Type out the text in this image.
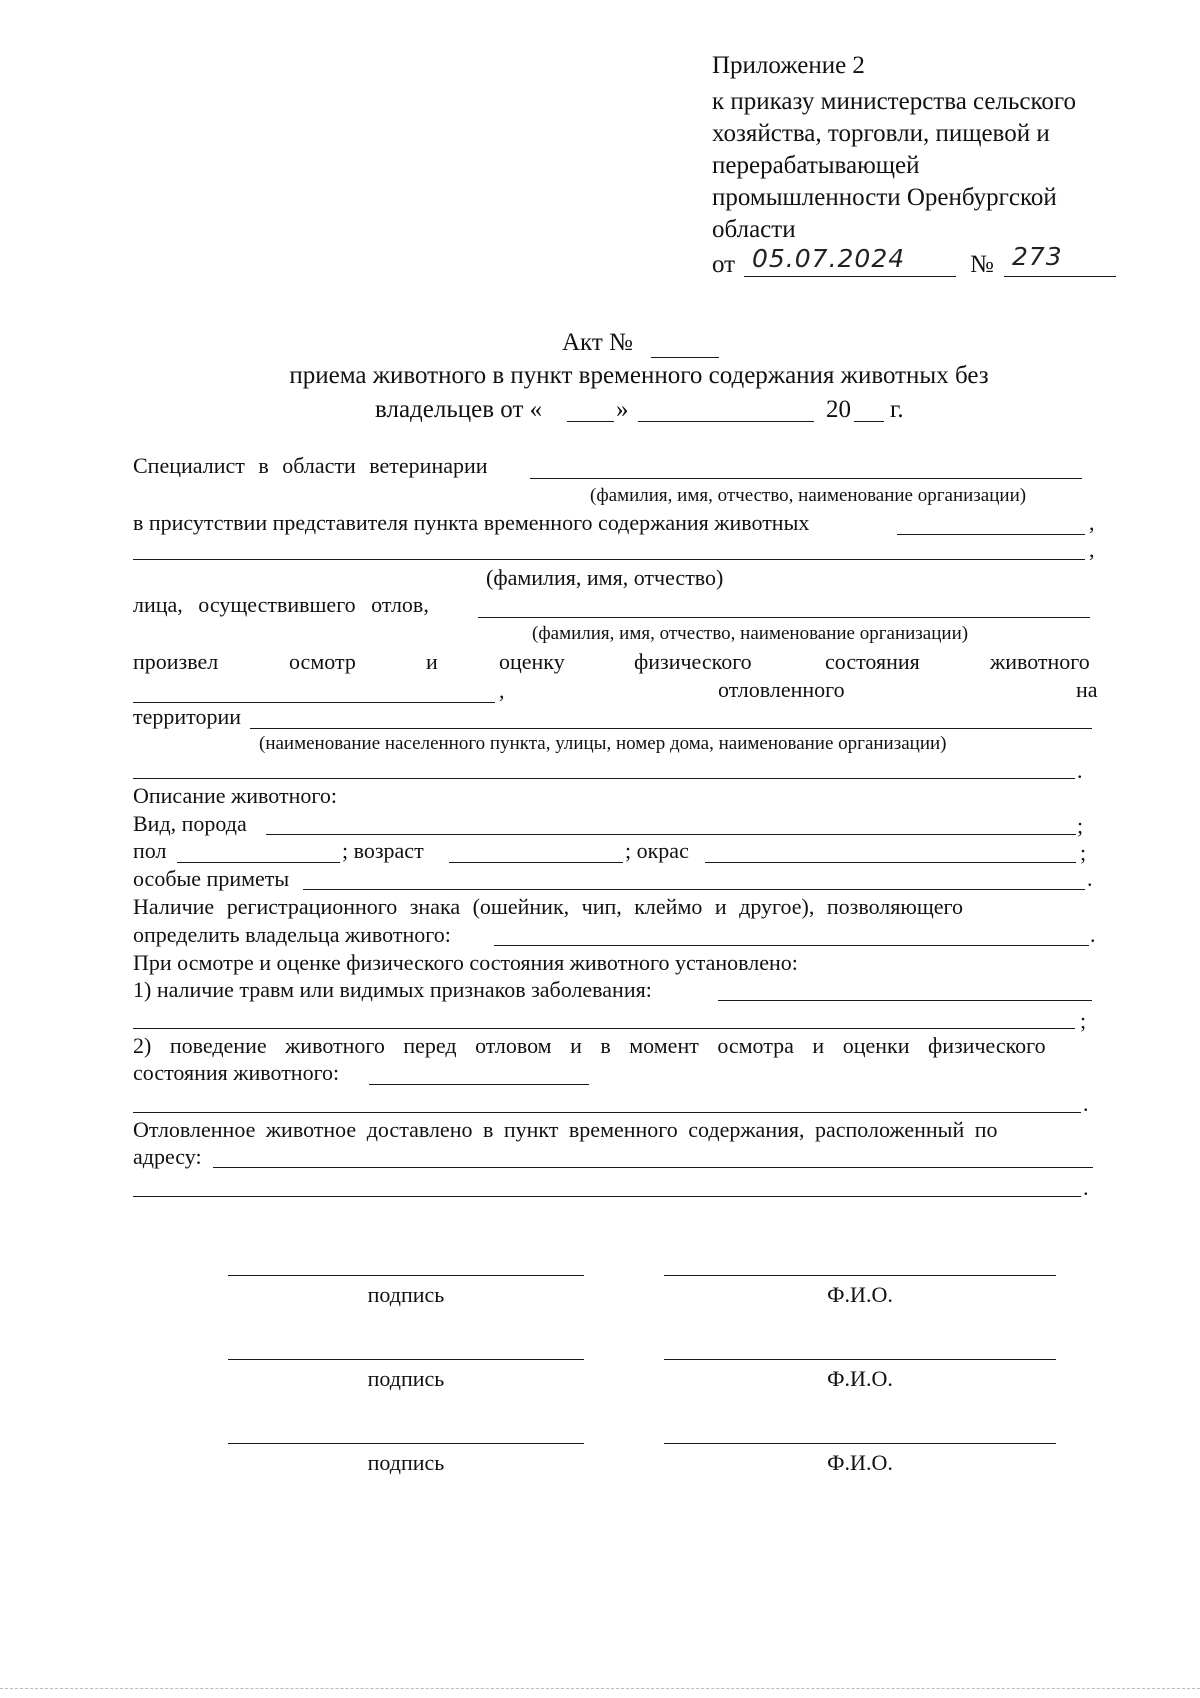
Приложение 2
к приказу министерства сельского
хозяйства, торговли, пищевой и
перерабатывающей
промышленности Оренбургской
области
от 05.07.2024	№ 273
Акт №
приема животного в пункт временного содержания животных без
владельцев от «	»	20 г.
Специалист в области ветеринарии
(фамилия, имя, отчество, наименование организации)
в присутствии представителя пункта временного содержания животных	,
,
(фамилия, имя, отчество)
лица, осуществившего отлов,
(фамилия, имя, отчество, наименование организации)
произвел	осмотр	и	оценку	физического	состояния	животного
,	отловленного	на
территории
(наименование населенного пункта, улицы, номер дома, наименование организации)
.
Описание животного:
Вид, порода	;
пол	; возраст	; окрас	;
особые приметы	.
Наличие регистрационного знака (ошейник, чип, клеймо и другое), позволяющего
определить владельца животного:	.
При осмотре и оценке физического состояния животного установлено:
1) наличие травм или видимых признаков заболевания:
;
2) поведение животного перед отловом и в момент осмотра и оценки физического
состояния животного:
.
Отловленное животное доставлено в пункт временного содержания, расположенный по
адресу:
.
подпись	Ф.И.О.
подпись	Ф.И.О.
подпись	Ф.И.О.
